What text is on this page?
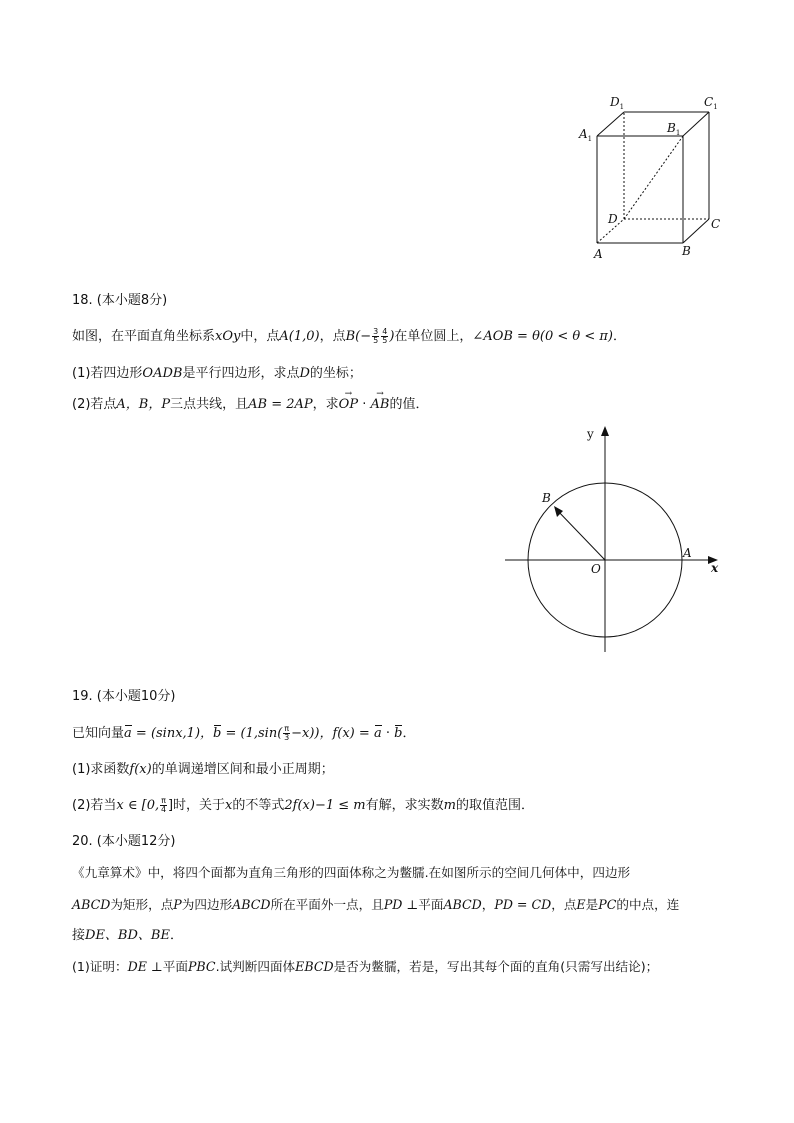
$D_1$	$C_1$
$A_1$
$B_1$
D	C
A	B
18. (本小题8分)
如图，在平面直角坐标系xOy中，点A(1,0)，点$B(- \frac{3}{5} \frac{4}{5}$ )在单位圆上，∠AOB = θ(0 < θ < π)．
(1)若四边形OADB是平行四边形，求点D的坐标；
(2)若点A，B，P三点共线，且AB = 2AP，求→ OP · → AB的值．
y
x
O
A
B
19. (本小题10分)
已知向量a = (sinx,1)，$b = (1,\sin( \frac{\pi}{3} -x))$，f(x) = a · b．
(1)求函数f(x)的单调递增区间和最小正周期；
(2)若当x ∈ [0, $\frac{\pi}{4}$ ]时，关于x的不等式2f(x)−1 ≤ m有解，求实数m的取值范围．
20. (本小题12分)
《九章算术》中，将四个面都为直角三角形的四面体称之为鳖臑.在如图所示的空间几何体中，四边形
ABCD为矩形，点P为四边形ABCD所在平面外一点，且PD ⊥平面ABCD，PD = CD，点E是PC的中点，连
接DE、BD、BE．
(1)证明：DE ⊥平面PBC.试判断四面体EBCD是否为鳖臑，若是，写出其每个面的直角(只需写出结论)；
